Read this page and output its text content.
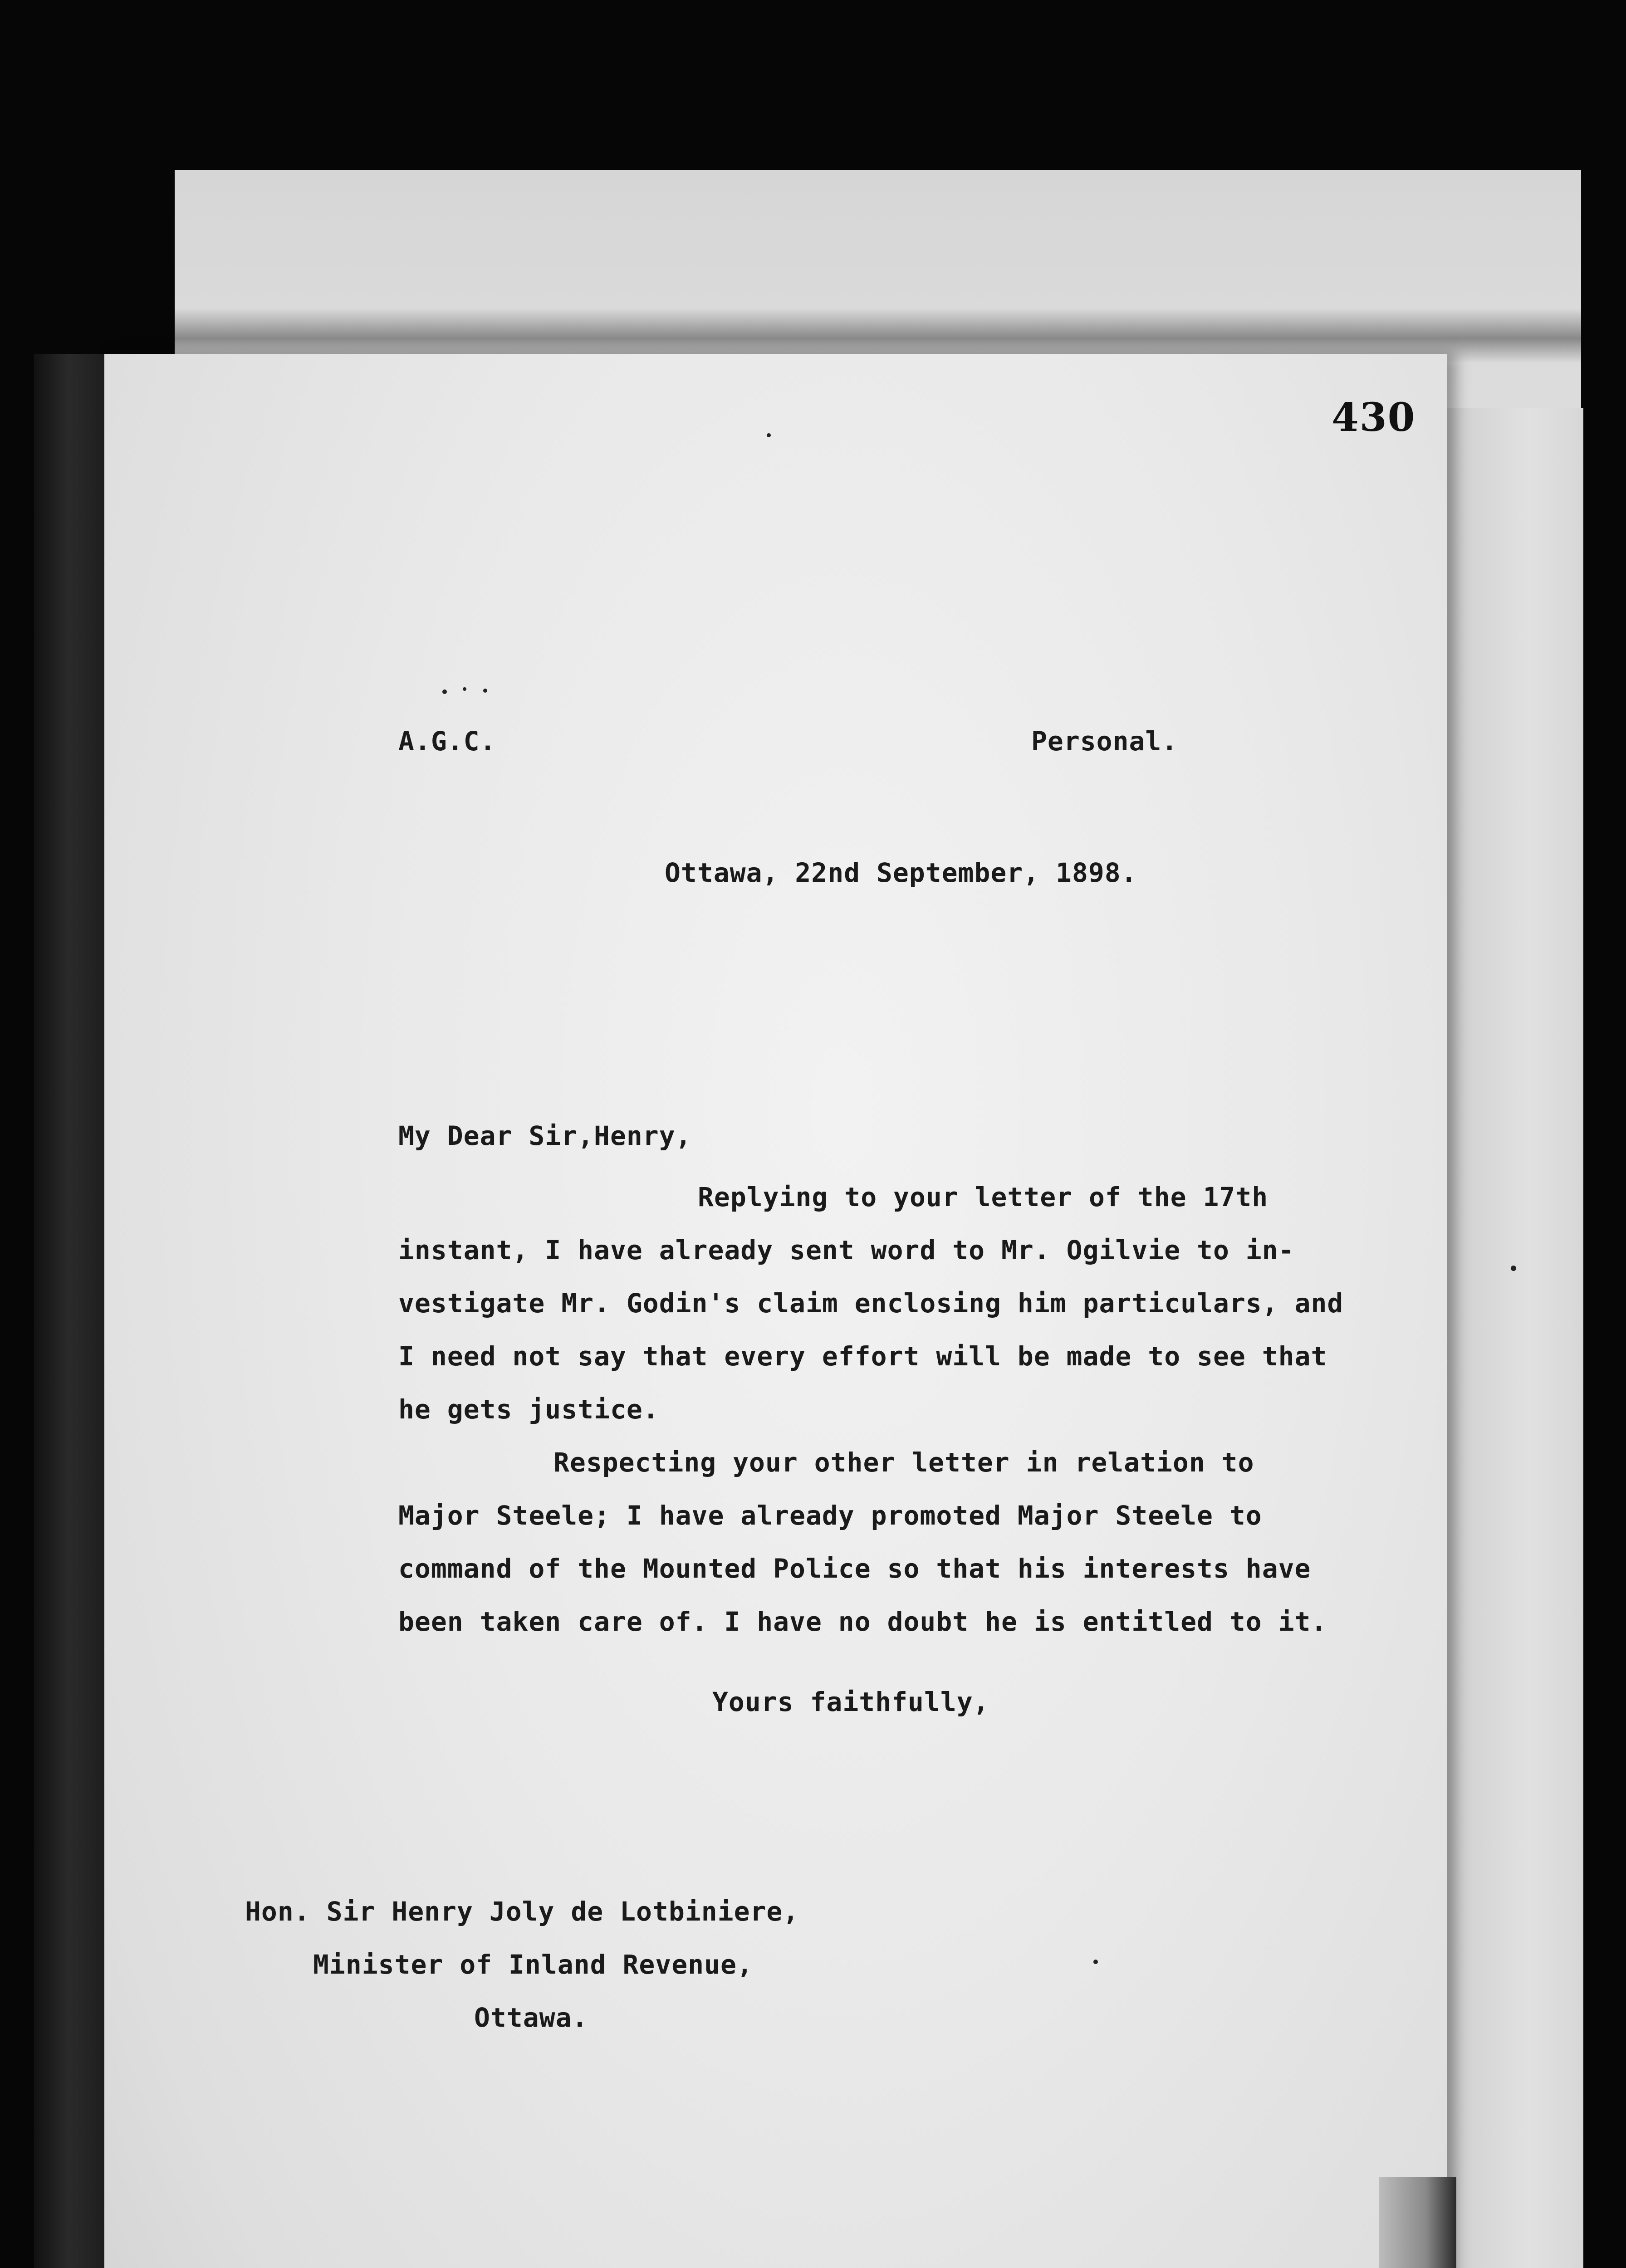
430
A.G.C.	Personal.
Ottawa, 22nd September, 1898.
My Dear Sir,Henry,
Replying to your letter of the 17th
instant, I have already sent word to Mr. Ogilvie to in-
vestigate Mr. Godin's claim enclosing him particulars, and
I need not say that every effort will be made to see that
he gets justice.
Respecting your other letter in relation to
Major Steele; I have already promoted Major Steele to
command of the Mounted Police so that his interests have
been taken care of. I have no doubt he is entitled to it.
Yours faithfully,
Hon. Sir Henry Joly de Lotbiniere,
Minister of Inland Revenue,
Ottawa.
